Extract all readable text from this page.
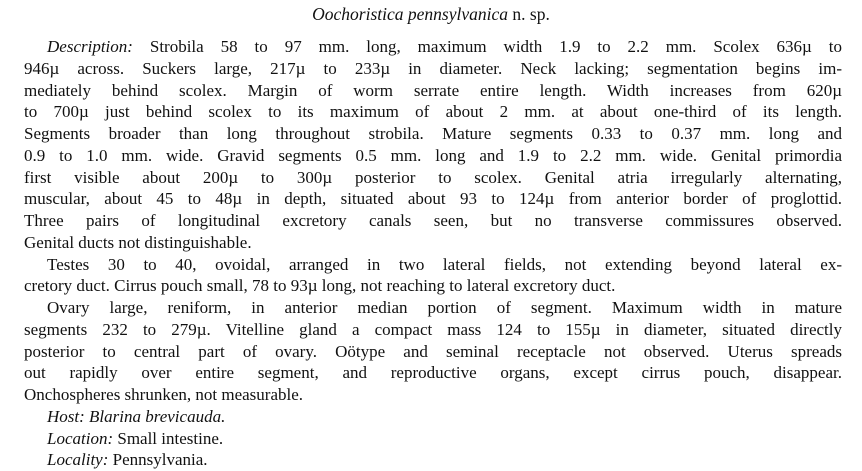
Oochoristica pennsylvanica n. sp.
Description: Strobila 58 to 97 mm. long, maximum width 1.9 to 2.2 mm. Scolex 636µ to
946µ across. Suckers large, 217µ to 233µ in diameter. Neck lacking; segmentation begins im-
mediately behind scolex. Margin of worm serrate entire length. Width increases from 620µ
to 700µ just behind scolex to its maximum of about 2 mm. at about one-third of its length.
Segments broader than long throughout strobila. Mature segments 0.33 to 0.37 mm. long and
0.9 to 1.0 mm. wide. Gravid segments 0.5 mm. long and 1.9 to 2.2 mm. wide. Genital primordia
first visible about 200µ to 300µ posterior to scolex. Genital atria irregularly alternating,
muscular, about 45 to 48µ in depth, situated about 93 to 124µ from anterior border of proglottid.
Three pairs of longitudinal excretory canals seen, but no transverse commissures observed.
Genital ducts not distinguishable.
Testes 30 to 40, ovoidal, arranged in two lateral fields, not extending beyond lateral ex-
cretory duct. Cirrus pouch small, 78 to 93µ long, not reaching to lateral excretory duct.
Ovary large, reniform, in anterior median portion of segment. Maximum width in mature
segments 232 to 279µ. Vitelline gland a compact mass 124 to 155µ in diameter, situated directly
posterior to central part of ovary. Oötype and seminal receptacle not observed. Uterus spreads
out rapidly over entire segment, and reproductive organs, except cirrus pouch, disappear.
Onchospheres shrunken, not measurable.
Host: Blarina brevicauda.
Location: Small intestine.
Locality: Pennsylvania.
